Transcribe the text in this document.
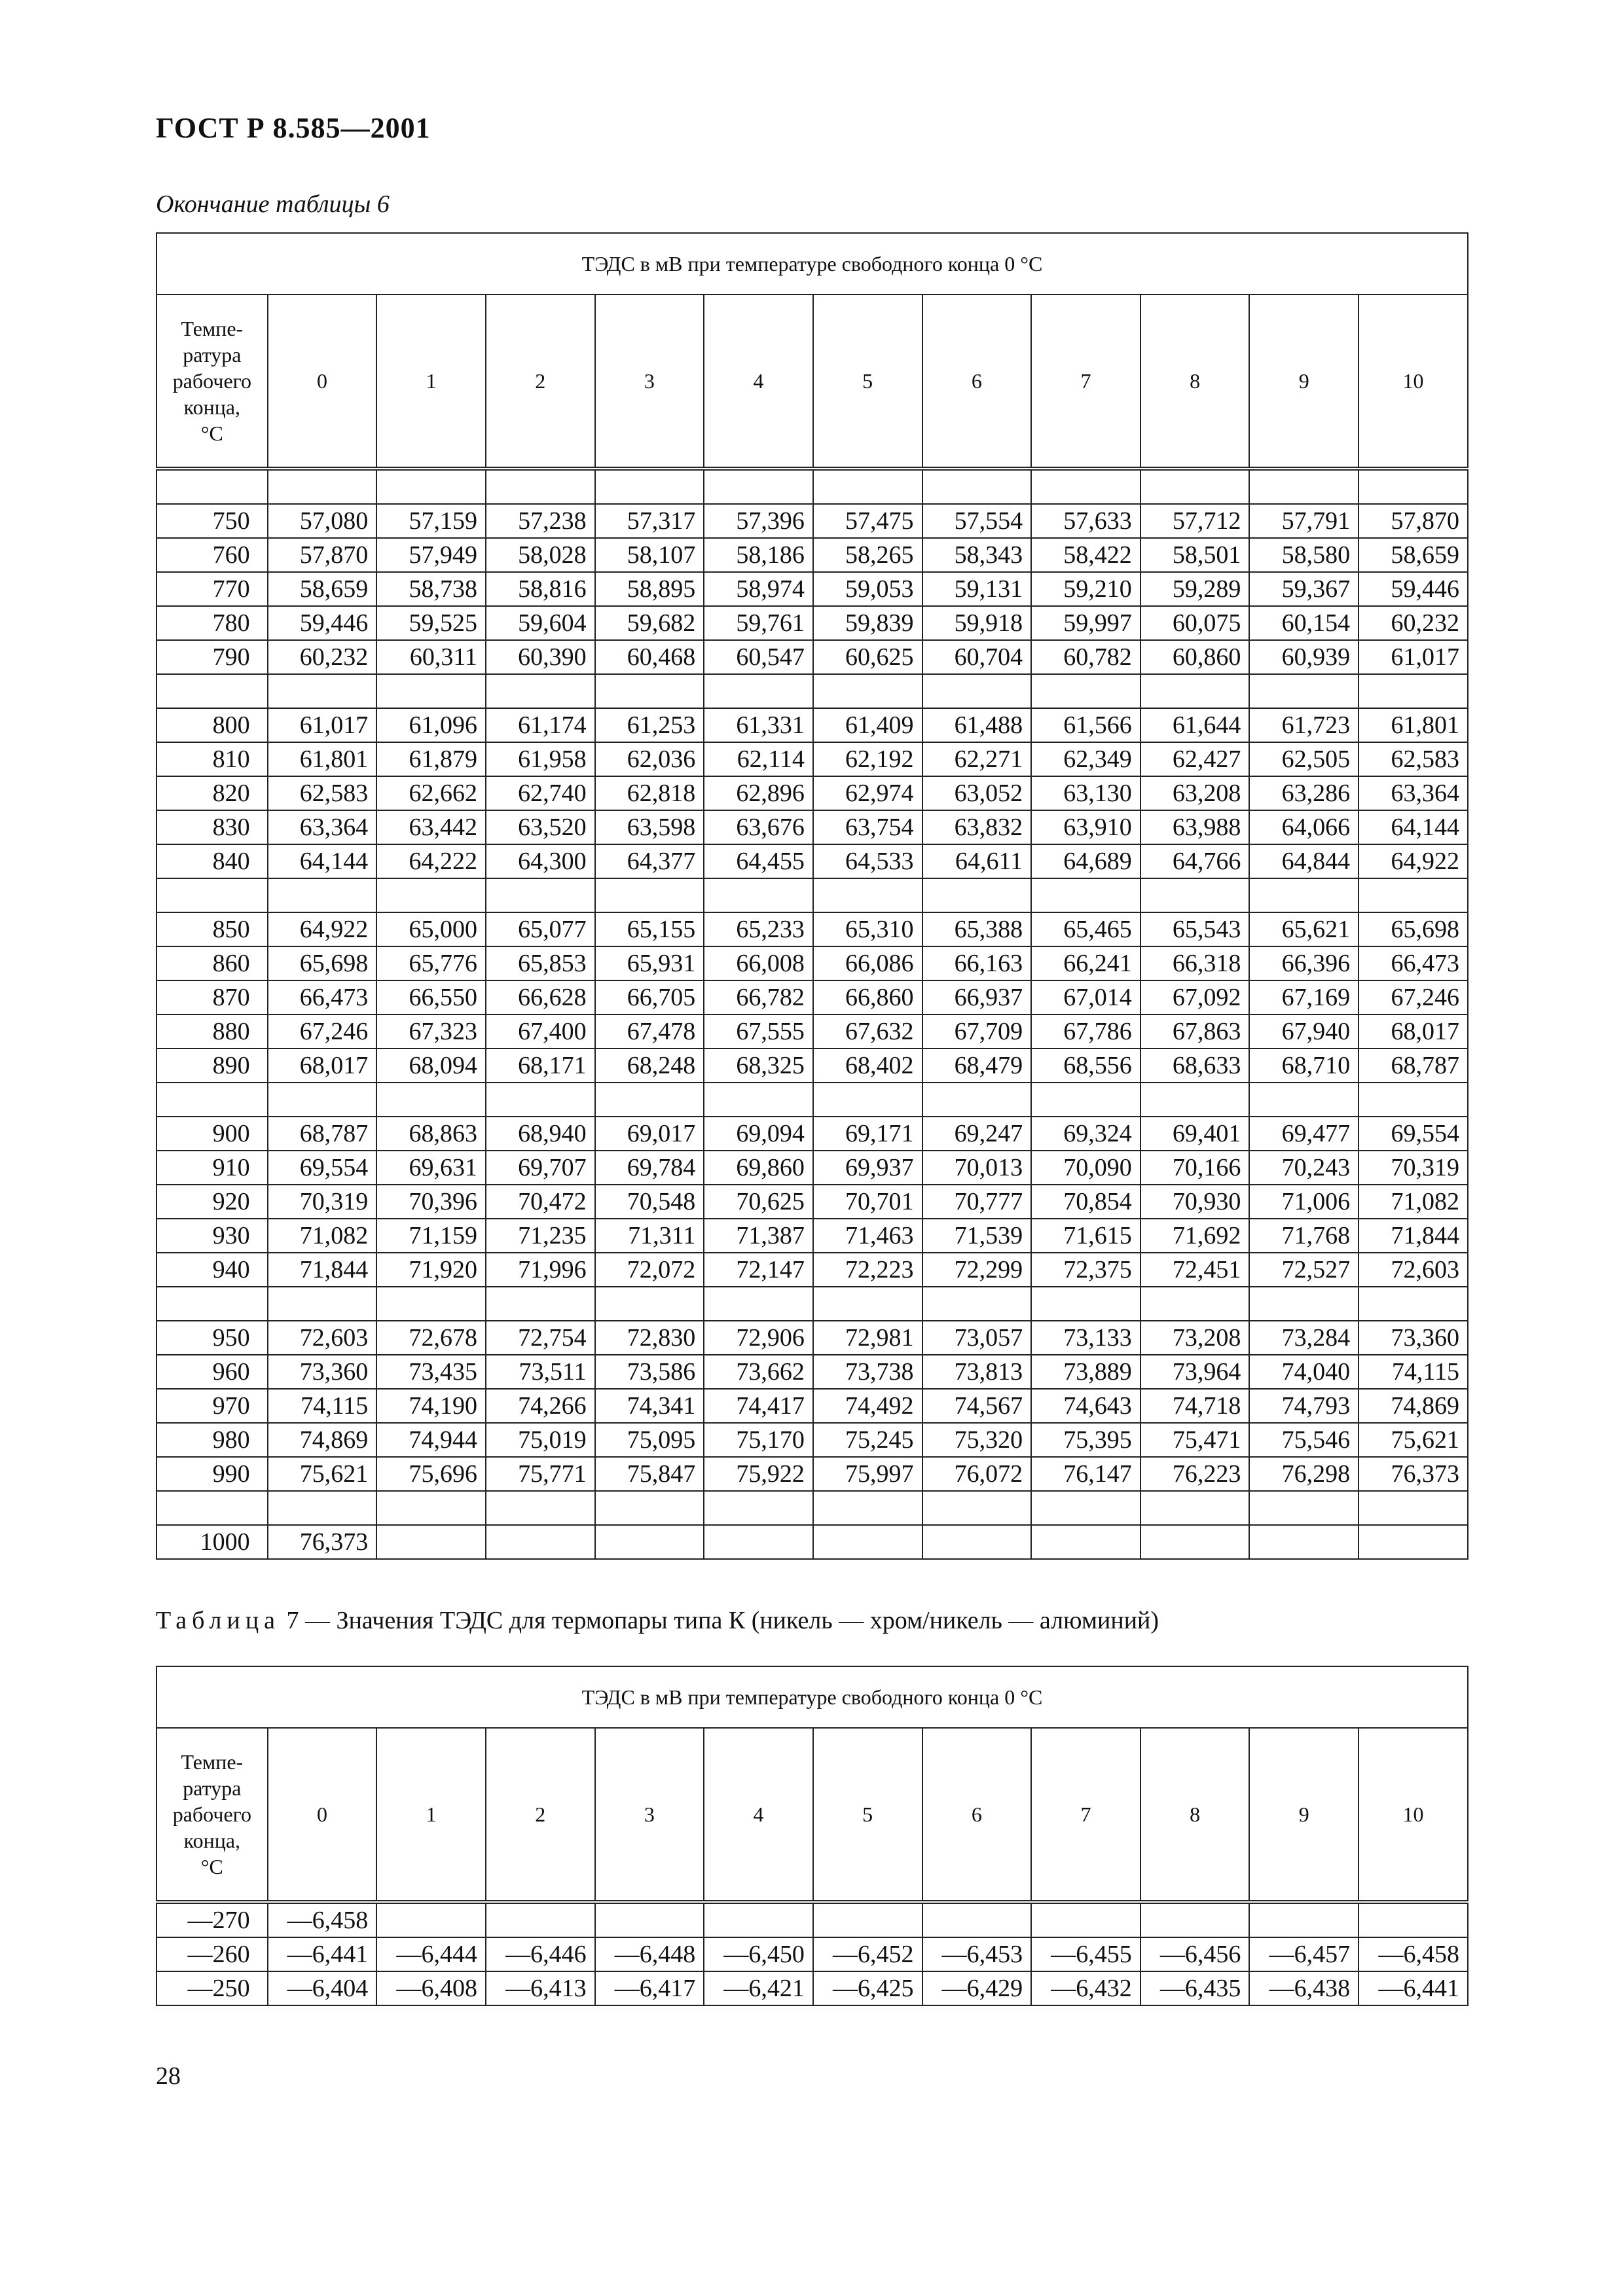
ГОСТ Р 8.585—2001
Окончание таблицы 6
ТЭДС в мВ при температуре свободного конца 0 °С											

Темпе-
ратура
рабочего
конца,
°С	0	1	2	3	4	5	6	7	8	9	10

750	57,080	57,159	57,238	57,317	57,396	57,475	57,554	57,633	57,712	57,791	57,870
760	57,870	57,949	58,028	58,107	58,186	58,265	58,343	58,422	58,501	58,580	58,659
770	58,659	58,738	58,816	58,895	58,974	59,053	59,131	59,210	59,289	59,367	59,446
780	59,446	59,525	59,604	59,682	59,761	59,839	59,918	59,997	60,075	60,154	60,232
790	60,232	60,311	60,390	60,468	60,547	60,625	60,704	60,782	60,860	60,939	61,017

800	61,017	61,096	61,174	61,253	61,331	61,409	61,488	61,566	61,644	61,723	61,801
810	61,801	61,879	61,958	62,036	62,114	62,192	62,271	62,349	62,427	62,505	62,583
820	62,583	62,662	62,740	62,818	62,896	62,974	63,052	63,130	63,208	63,286	63,364
830	63,364	63,442	63,520	63,598	63,676	63,754	63,832	63,910	63,988	64,066	64,144
840	64,144	64,222	64,300	64,377	64,455	64,533	64,611	64,689	64,766	64,844	64,922

850	64,922	65,000	65,077	65,155	65,233	65,310	65,388	65,465	65,543	65,621	65,698
860	65,698	65,776	65,853	65,931	66,008	66,086	66,163	66,241	66,318	66,396	66,473
870	66,473	66,550	66,628	66,705	66,782	66,860	66,937	67,014	67,092	67,169	67,246
880	67,246	67,323	67,400	67,478	67,555	67,632	67,709	67,786	67,863	67,940	68,017
890	68,017	68,094	68,171	68,248	68,325	68,402	68,479	68,556	68,633	68,710	68,787

900	68,787	68,863	68,940	69,017	69,094	69,171	69,247	69,324	69,401	69,477	69,554
910	69,554	69,631	69,707	69,784	69,860	69,937	70,013	70,090	70,166	70,243	70,319
920	70,319	70,396	70,472	70,548	70,625	70,701	70,777	70,854	70,930	71,006	71,082
930	71,082	71,159	71,235	71,311	71,387	71,463	71,539	71,615	71,692	71,768	71,844
940	71,844	71,920	71,996	72,072	72,147	72,223	72,299	72,375	72,451	72,527	72,603

950	72,603	72,678	72,754	72,830	72,906	72,981	73,057	73,133	73,208	73,284	73,360
960	73,360	73,435	73,511	73,586	73,662	73,738	73,813	73,889	73,964	74,040	74,115
970	74,115	74,190	74,266	74,341	74,417	74,492	74,567	74,643	74,718	74,793	74,869
980	74,869	74,944	75,019	75,095	75,170	75,245	75,320	75,395	75,471	75,546	75,621
990	75,621	75,696	75,771	75,847	75,922	75,997	76,072	76,147	76,223	76,298	76,373

1000	76,373										
Таблица 7 — Значения ТЭДС для термопары типа К (никель — хром/никель — алюминий)
ТЭДС в мВ при температуре свободного конца 0 °С											

Темпе-
ратура
рабочего
конца,
°С	0	1	2	3	4	5	6	7	8	9	10
—270	—6,458										
—260	—6,441	—6,444	—6,446	—6,448	—6,450	—6,452	—6,453	—6,455	—6,456	—6,457	—6,458
—250	—6,404	—6,408	—6,413	—6,417	—6,421	—6,425	—6,429	—6,432	—6,435	—6,438	—6,441
28
